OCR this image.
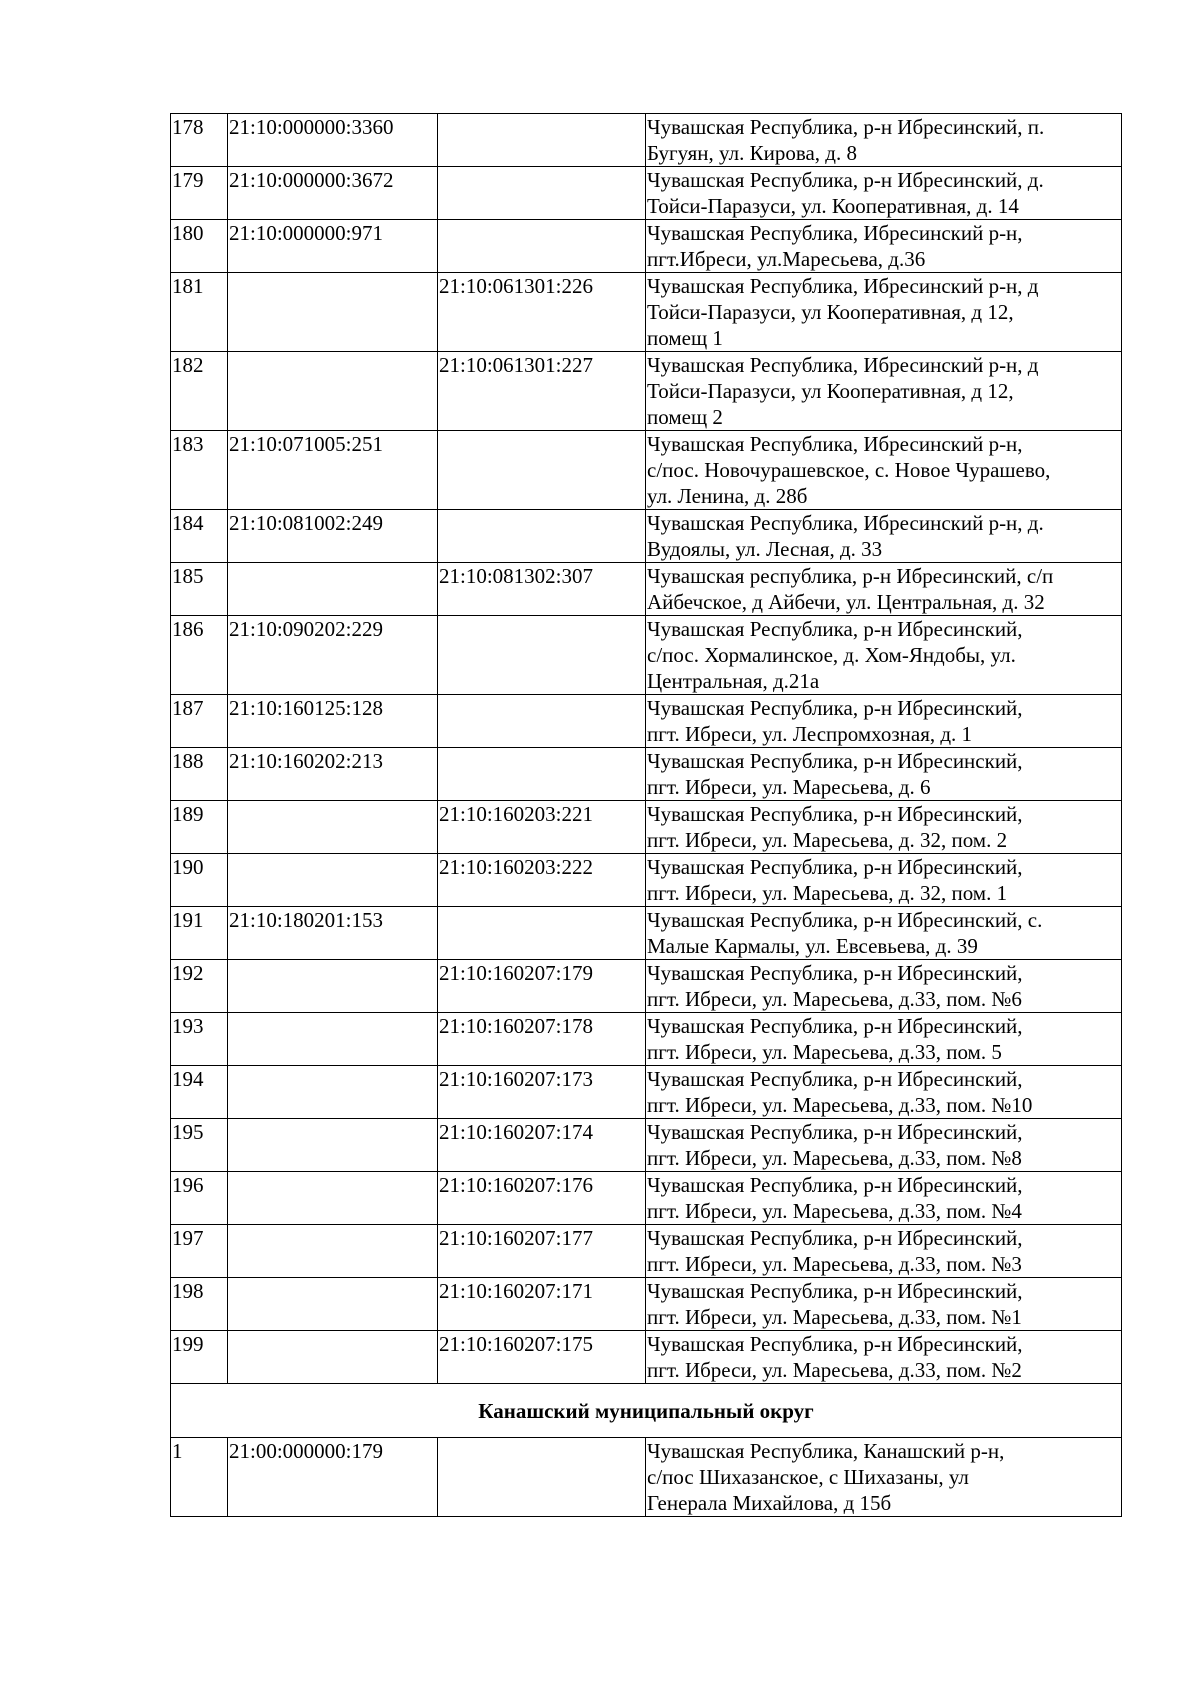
178	21:10:000000:3360		Чувашская Республика, р-н Ибресинский, п.
Бугуян, ул. Кирова, д. 8
179	21:10:000000:3672		Чувашская Республика, р-н Ибресинский, д.
Тойси-Паразуси, ул. Кооперативная, д. 14
180	21:10:000000:971		Чувашская Республика, Ибресинский р-н,
пгт.Ибреси, ул.Маресьева, д.36
181		21:10:061301:226	Чувашская Республика, Ибресинский р-н, д
Тойси-Паразуси, ул Кооперативная, д 12,
помещ 1
182		21:10:061301:227	Чувашская Республика, Ибресинский р-н, д
Тойси-Паразуси, ул Кооперативная, д 12,
помещ 2
183	21:10:071005:251		Чувашская Республика, Ибресинский р-н,
с/пос. Новочурашевское, с. Новое Чурашево,
ул. Ленина, д. 28б
184	21:10:081002:249		Чувашская Республика, Ибресинский р-н, д.
Вудоялы, ул. Лесная, д. 33
185		21:10:081302:307	Чувашская республика, р-н Ибресинский, с/п
Айбечское, д Айбечи, ул. Центральная, д. 32
186	21:10:090202:229		Чувашская Республика, р-н Ибресинский,
с/пос. Хормалинское, д. Хом-Яндобы, ул.
Центральная, д.21а
187	21:10:160125:128		Чувашская Республика, р-н Ибресинский,
пгт. Ибреси, ул. Леспромхозная, д. 1
188	21:10:160202:213		Чувашская Республика, р-н Ибресинский,
пгт. Ибреси, ул. Маресьева, д. 6
189		21:10:160203:221	Чувашская Республика, р-н Ибресинский,
пгт. Ибреси, ул. Маресьева, д. 32, пом. 2
190		21:10:160203:222	Чувашская Республика, р-н Ибресинский,
пгт. Ибреси, ул. Маресьева, д. 32, пом. 1
191	21:10:180201:153		Чувашская Республика, р-н Ибресинский, с.
Малые Кармалы, ул. Евсевьева, д. 39
192		21:10:160207:179	Чувашская Республика, р-н Ибресинский,
пгт. Ибреси, ул. Маресьева, д.33, пом. №6
193		21:10:160207:178	Чувашская Республика, р-н Ибресинский,
пгт. Ибреси, ул. Маресьева, д.33, пом. 5
194		21:10:160207:173	Чувашская Республика, р-н Ибресинский,
пгт. Ибреси, ул. Маресьева, д.33, пом. №10
195		21:10:160207:174	Чувашская Республика, р-н Ибресинский,
пгт. Ибреси, ул. Маресьева, д.33, пом. №8
196		21:10:160207:176	Чувашская Республика, р-н Ибресинский,
пгт. Ибреси, ул. Маресьева, д.33, пом. №4
197		21:10:160207:177	Чувашская Республика, р-н Ибресинский,
пгт. Ибреси, ул. Маресьева, д.33, пом. №3
198		21:10:160207:171	Чувашская Республика, р-н Ибресинский,
пгт. Ибреси, ул. Маресьева, д.33, пом. №1
199		21:10:160207:175	Чувашская Республика, р-н Ибресинский,
пгт. Ибреси, ул. Маресьева, д.33, пом. №2
Канашский муниципальный округ			
1	21:00:000000:179		Чувашская Республика, Канашский р-н,
с/пос Шихазанское, с Шихазаны, ул
Генерала Михайлова, д 15б
